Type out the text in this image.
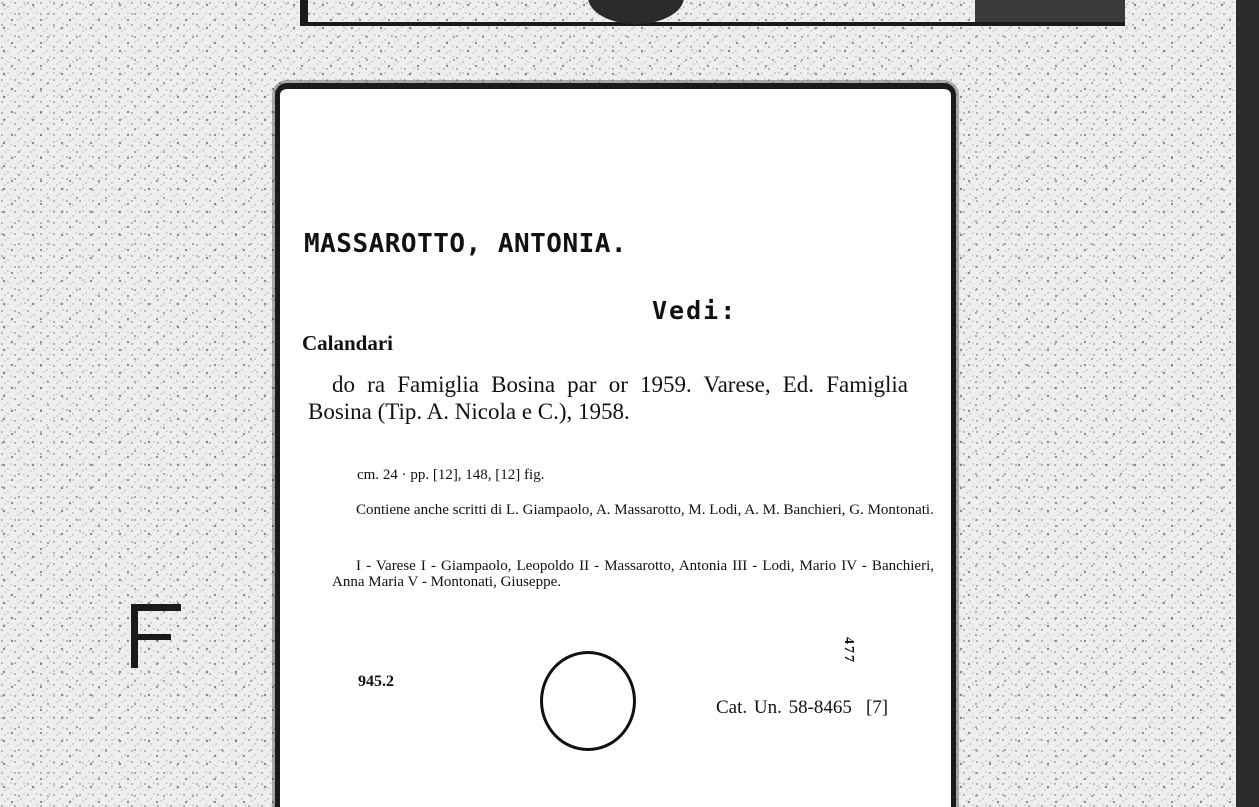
MASSAROTTO, ANTONIA.
Vedi:
Calandari
do ra Famiglia Bosina par or 1959. Varese, Ed. Famiglia Bosina (Tip. A. Nicola e C.), 1958.
cm. 24 · pp. [12], 148, [12] fig.
Contiene anche scritti di L. Giampaolo, A. Massarotto, M. Lodi, A. M. Banchieri, G. Montonati.
I - Varese I - Giampaolo, Leopoldo II - Massarotto, Antonia III - Lodi, Mario IV - Banchieri, Anna Maria V - Montonati, Giuseppe.
945.2
477
Cat. Un. 58-8465 [7]
